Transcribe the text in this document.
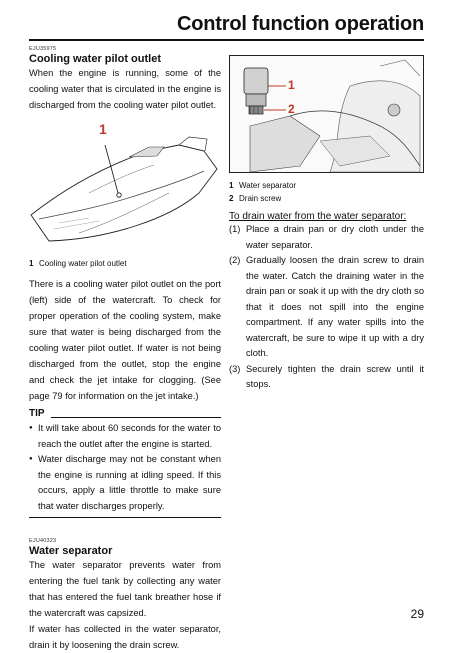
Control function operation
EJU35975
Cooling water pilot outlet

When the engine is running, some of the cooling water that is circulated in the engine is discharged from the cooling water pilot outlet.

1
1 Cooling water pilot outlet

There is a cooling water pilot outlet on the port (left) side of the watercraft. To check for proper operation of the cooling system, make sure that water is being discharged from the cooling water pilot outlet. If water is not being discharged from the outlet, stop the engine and check the jet intake for clogging. (See page 79 for information on the jet intake.)

TIP
● It will take about 60 seconds for the water to reach the outlet after the engine is started.
● Water discharge may not be constant when the engine is running at idling speed. If this occurs, apply a little throttle to make sure that water discharges properly.
EJU40323
Water separator

The water separator prevents water from entering the fuel tank by collecting any water that has entered the fuel tank breather hose if the watercraft was capsized.

If water has collected in the water separator, drain it by loosening the drain screw.

1
2
1 Water separator
2 Drain screw
To drain water from the water separator:
(1) Place a drain pan or dry cloth under the water separator.
(2) Gradually loosen the drain screw to drain the water. Catch the draining water in the drain pan or soak it up with the dry cloth so that it does not spill into the engine compartment. If any water spills into the watercraft, be sure to wipe it up with a dry cloth.
(3) Securely tighten the drain screw until it stops.
29
